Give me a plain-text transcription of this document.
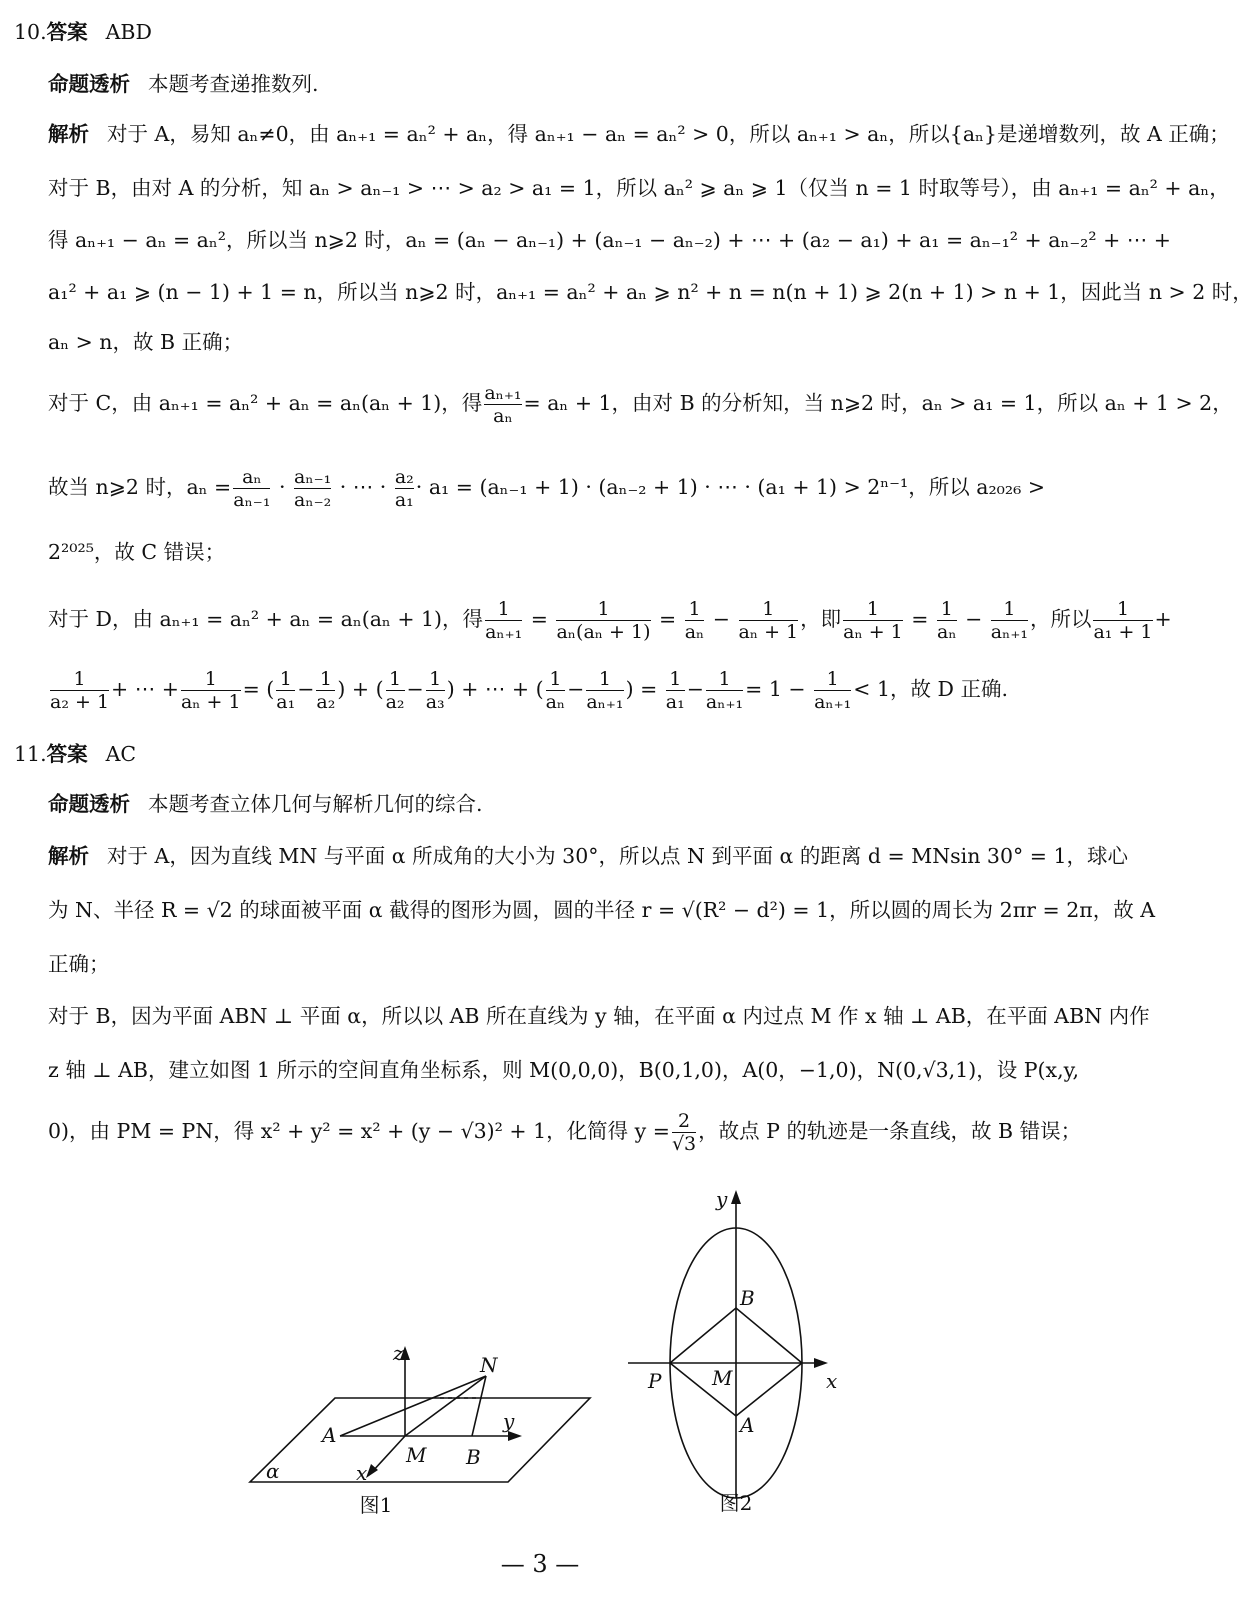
10.答案 ABD
命题透析 本题考查递推数列.
解析 对于 A，易知 aₙ≠0，由 aₙ₊₁ = aₙ² + aₙ，得 aₙ₊₁ − aₙ = aₙ² > 0，所以 aₙ₊₁ > aₙ，所以{aₙ}是递增数列，故 A 正确；
对于 B，由对 A 的分析，知 aₙ > aₙ₋₁ > ⋯ > a₂ > a₁ = 1，所以 aₙ² ⩾ aₙ ⩾ 1（仅当 n = 1 时取等号），由 aₙ₊₁ = aₙ² + aₙ，
得 aₙ₊₁ − aₙ = aₙ²，所以当 n⩾2 时，aₙ = (aₙ − aₙ₋₁) + (aₙ₋₁ − aₙ₋₂) + ⋯ + (a₂ − a₁) + a₁ = aₙ₋₁² + aₙ₋₂² + ⋯ +
a₁² + a₁ ⩾ (n − 1) + 1 = n，所以当 n⩾2 时，aₙ₊₁ = aₙ² + aₙ ⩾ n² + n = n(n + 1) ⩾ 2(n + 1) > n + 1，因此当 n > 2 时，
aₙ > n，故 B 正确；
对于 C，由 aₙ₊₁ = aₙ² + aₙ = aₙ(aₙ + 1)，得 $\frac{\text{aₙ₊₁}}{\text{aₙ}} = a_n + 1$，由对 B 的分析知，当 n⩾2 时，aₙ > a₁ = 1，所以 aₙ + 1 > 2，
故当 n⩾2 时，$a_n = \frac{\text{aₙ}}{\text{aₙ₋₁}} \cdot \frac{\text{aₙ₋₁}}{\text{aₙ₋₂}}$ · ⋯ · $\frac{\text{a₂}}{\text{a₁}} \cdot a_1 = (a_{n-1} + 1) \cdot (a_{n-2} + 1)$ · ⋯ · (a₁ + 1) > 2ⁿ⁻¹，所以 a₂₀₂₆ >
2²⁰²⁵，故 C 错误；
对于 D，由 aₙ₊₁ = aₙ² + aₙ = aₙ(aₙ + 1)，得 $\frac{1}{\text{aₙ₊₁}} = \frac{1}{\text{aₙ(aₙ + 1)}} = \frac{1}{\text{aₙ}} - \frac{1}{\text{aₙ + 1}}$ ，即 $\frac{1}{\text{aₙ + 1}} = \frac{1}{\text{aₙ}} - \frac{1}{\text{aₙ₊₁}}$ ，所以 $\frac{1}{\text{a₁ + 1}}$ +
$\frac{1}{\text{a₂ + 1}}$ + ⋯ + $\frac{1}{\text{aₙ + 1}}$ = ( $\frac{1}{\text{a₁}} - \frac{1}{\text{a₂}}$ ) + ( $\frac{1}{\text{a₂}} - \frac{1}{\text{a₃}}$ ) + ⋯ + ( $\frac{1}{\text{aₙ}} - \frac{1}{\text{aₙ₊₁}}$ ) = $\frac{1}{\text{a₁}} - \frac{1}{\text{aₙ₊₁}} = 1 - \frac{1}{\text{aₙ₊₁}} < 1$，故 D 正确.
11.答案 AC
命题透析 本题考查立体几何与解析几何的综合.
解析 对于 A，因为直线 MN 与平面 α 所成角的大小为 30°，所以点 N 到平面 α 的距离 d = MNsin 30° = 1，球心
为 N、半径 R = √2 的球面被平面 α 截得的图形为圆，圆的半径 r = √(R² − d²) = 1，所以圆的周长为 2πr = 2π，故 A
正确；
对于 B，因为平面 ABN ⊥ 平面 α，所以以 AB 所在直线为 y 轴，在平面 α 内过点 M 作 x 轴 ⊥ AB，在平面 ABN 内作
z 轴 ⊥ AB，建立如图 1 所示的空间直角坐标系，则 M(0,0,0)，B(0,1,0)，A(0，−1,0)，N(0,√3,1)，设 P(x,y,
0)，由 PM = PN，得 x² + y² = x² + (y − √3)² + 1，化简得 $y = \frac{2}{√3}$ ，故点 P 的轨迹是一条直线，故 B 错误；
z	N
y
A
M B
x
α
图1
y
B
P	M	x
A
图2
— 3 —
